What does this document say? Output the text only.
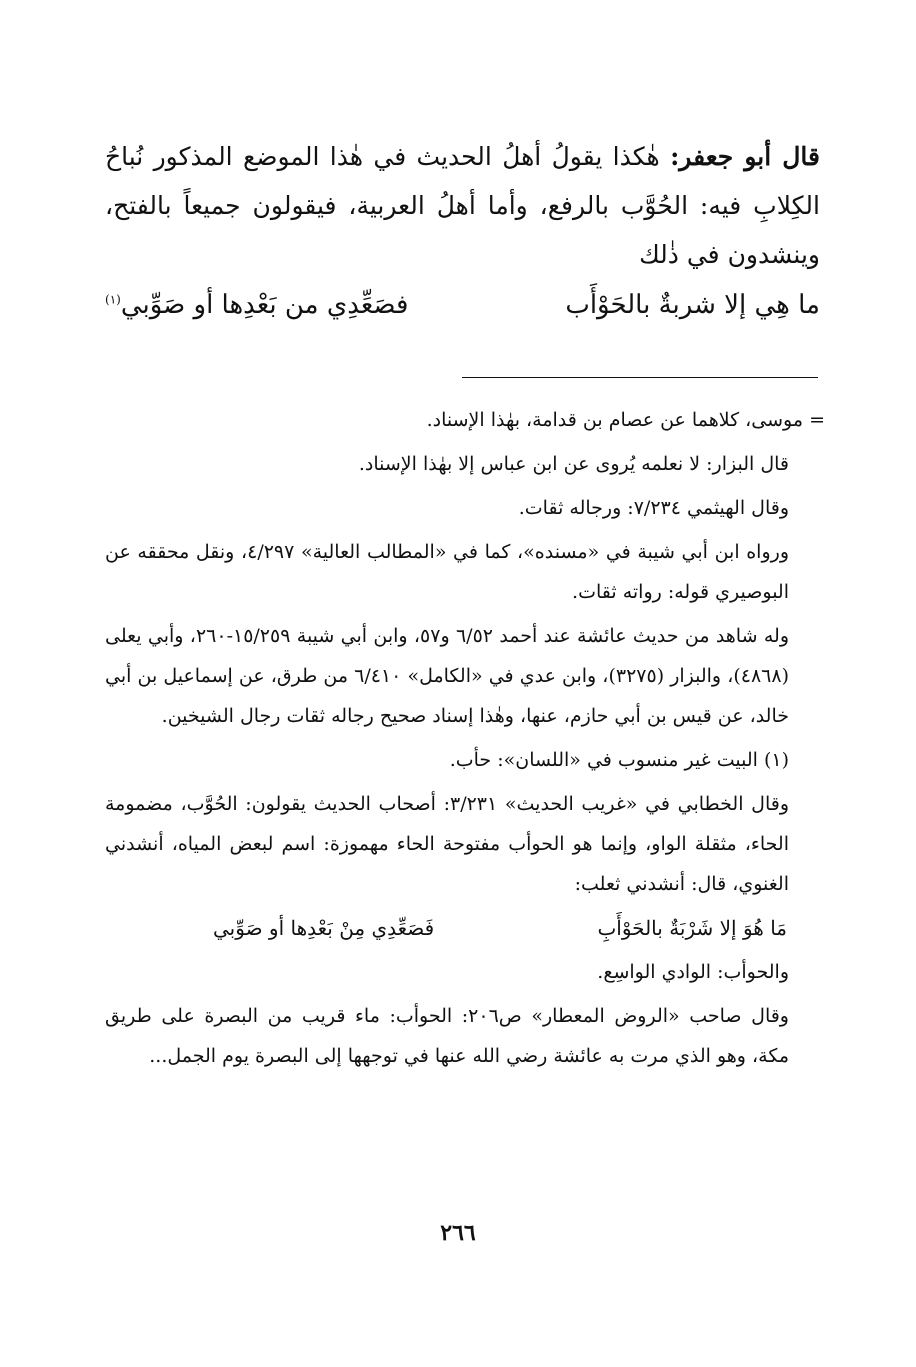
قال أبو جعفر: هٰكذا يقولُ أهلُ الحديث في هٰذا الموضع المذكور نُباحُ الكِلابِ فيه: الحُوَّب بالرفع، وأما أهلُ العربية، فيقولون جميعاً بالفتح، وينشدون في ذٰلك

ما هِي إلا شربةٌ بالحَوْأَب
فصَعِّدِي من بَعْدِها أو صَوِّبي$^{(١)}$

= موسى، كلاهما عن عصام بن قدامة، بهٰذا الإسناد.

قال البزار: لا نعلمه يُروى عن ابن عباس إلا بهٰذا الإسناد.

وقال الهيثمي ٧/٢٣٤: ورجاله ثقات.

ورواه ابن أبي شيبة في «مسنده»، كما في «المطالب العالية» ٤/٢٩٧، ونقل محققه عن البوصيري قوله: رواته ثقات.

وله شاهد من حديث عائشة عند أحمد ٦/٥٢ و٥٧، وابن أبي شيبة ١٥/٢٥٩-٢٦٠، وأبي يعلى (٤٨٦٨)، والبزار (٣٢٧٥)، وابن عدي في «الكامل» ٦/٤١٠ من طرق، عن إسماعيل بن أبي خالد، عن قيس بن أبي حازم، عنها، وهٰذا إسناد صحيح رجاله ثقات رجال الشيخين.

(١) البيت غير منسوب في «اللسان»: حأب.

وقال الخطابي في «غريب الحديث» ٣/٢٣١: أصحاب الحديث يقولون: الحُوَّب، مضمومة الحاء، مثقلة الواو، وإنما هو الحوأب مفتوحة الحاء مهموزة: اسم لبعض المياه، أنشدني الغنوي، قال: أنشدني ثعلب:

مَا هُوَ إلا شَرْبَةٌ بالحَوْأَبِ
فَصَعِّدِي مِنْ بَعْدِها أو صَوِّبي

والحوأب: الوادي الواسِع.

وقال صاحب «الروض المعطار» ص٢٠٦: الحوأب: ماء قريب من البصرة على طريق مكة، وهو الذي مرت به عائشة رضي الله عنها في توجهها إلى البصرة يوم الجمل...

٢٦٦
